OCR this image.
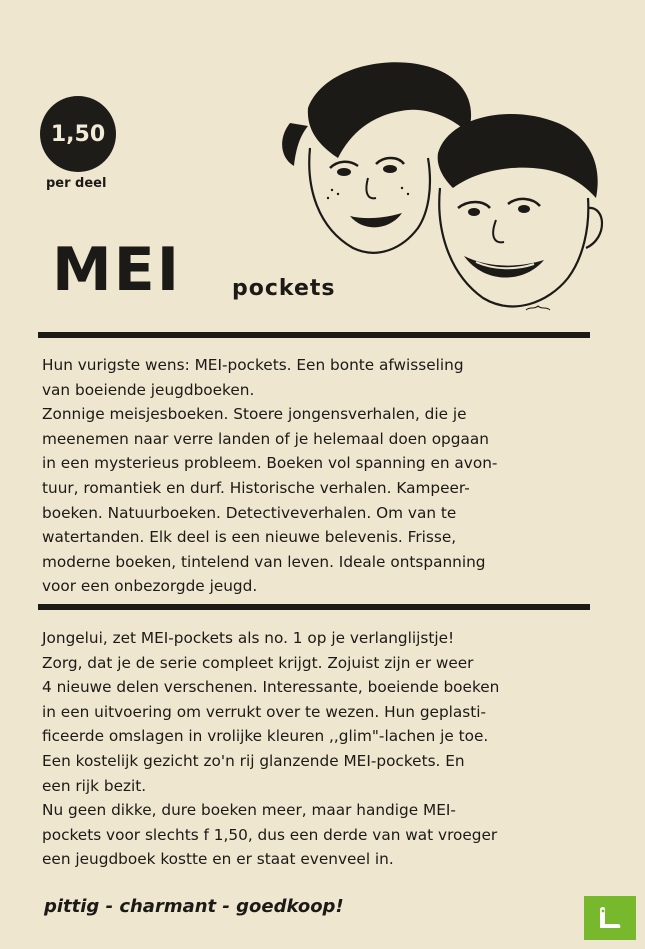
1,50
per deel
MEI pockets

Hun vurigste wens: MEI-pockets. Een bonte afwisseling

van boeiende jeugdboeken.

Zonnige meisjesboeken. Stoere jongensverhalen, die je

meenemen naar verre landen of je helemaal doen opgaan

in een mysterieus probleem. Boeken vol spanning en avon-

tuur, romantiek en durf. Historische verhalen. Kampeer-

boeken. Natuurboeken. Detectiveverhalen. Om van te

watertanden. Elk deel is een nieuwe belevenis. Frisse,

moderne boeken, tintelend van leven. Ideale ontspanning

voor een onbezorgde jeugd.

Jongelui, zet MEI-pockets als no. 1 op je verlanglijstje!

Zorg, dat je de serie compleet krijgt. Zojuist zijn er weer

4 nieuwe delen verschenen. Interessante, boeiende boeken

in een uitvoering om verrukt over te wezen. Hun geplasti-

ficeerde omslagen in vrolijke kleuren ,,glim"-lachen je toe.

Een kostelijk gezicht zo'n rij glanzende MEI-pockets. En

een rijk bezit.

Nu geen dikke, dure boeken meer, maar handige MEI-

pockets voor slechts f 1,50, dus een derde van wat vroeger

een jeugdboek kostte en er staat evenveel in.

pittig - charmant - goedkoop!
